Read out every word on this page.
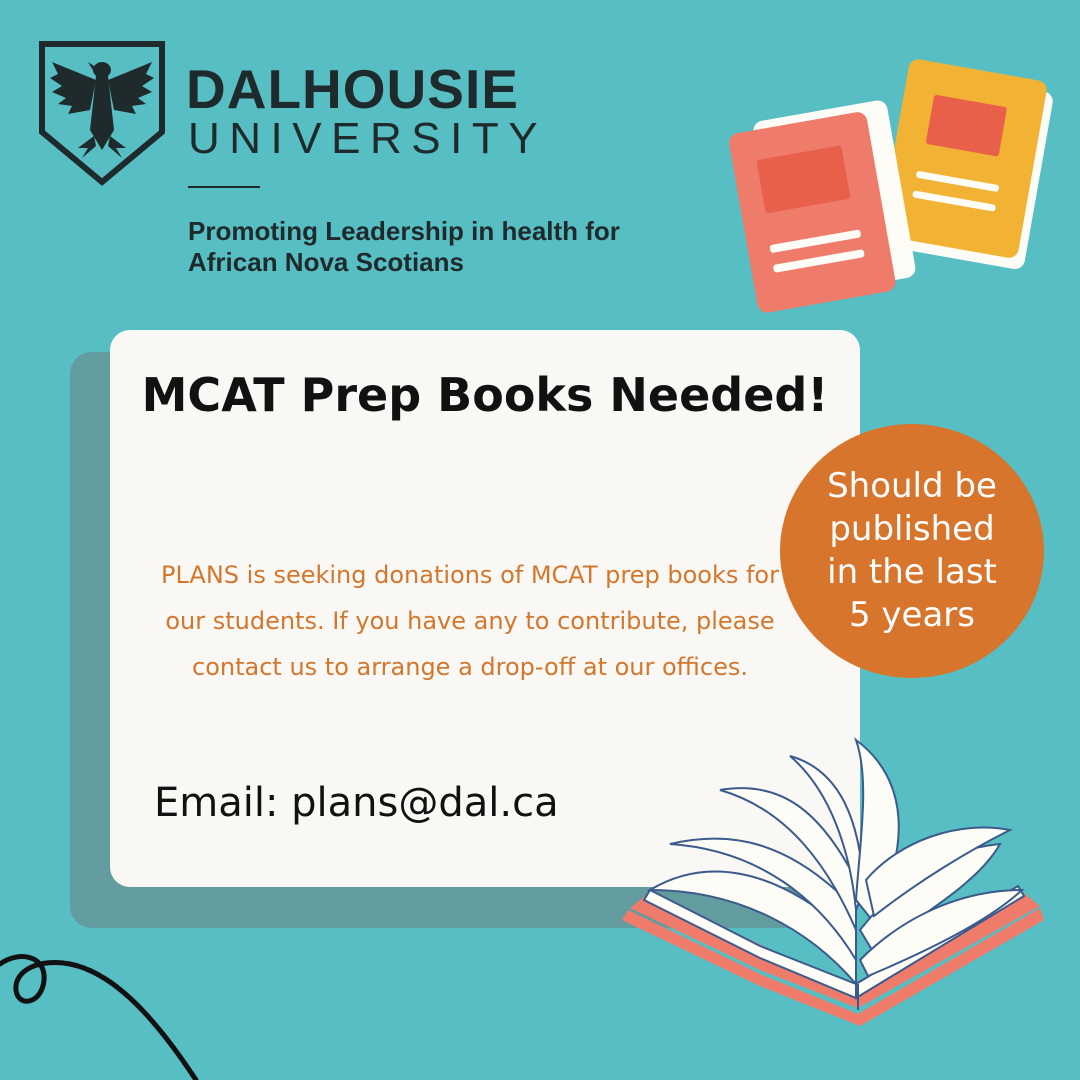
DALHOUSIE
UNIVERSITY
Promoting Leadership in health for African Nova Scotians
MCAT Prep Books Needed!
PLANS is seeking donations of MCAT prep books for our students. If you have any to contribute, please contact us to arrange a drop-off at our offices.
Email: plans@dal.ca
Should be
published
in the last
5 years
